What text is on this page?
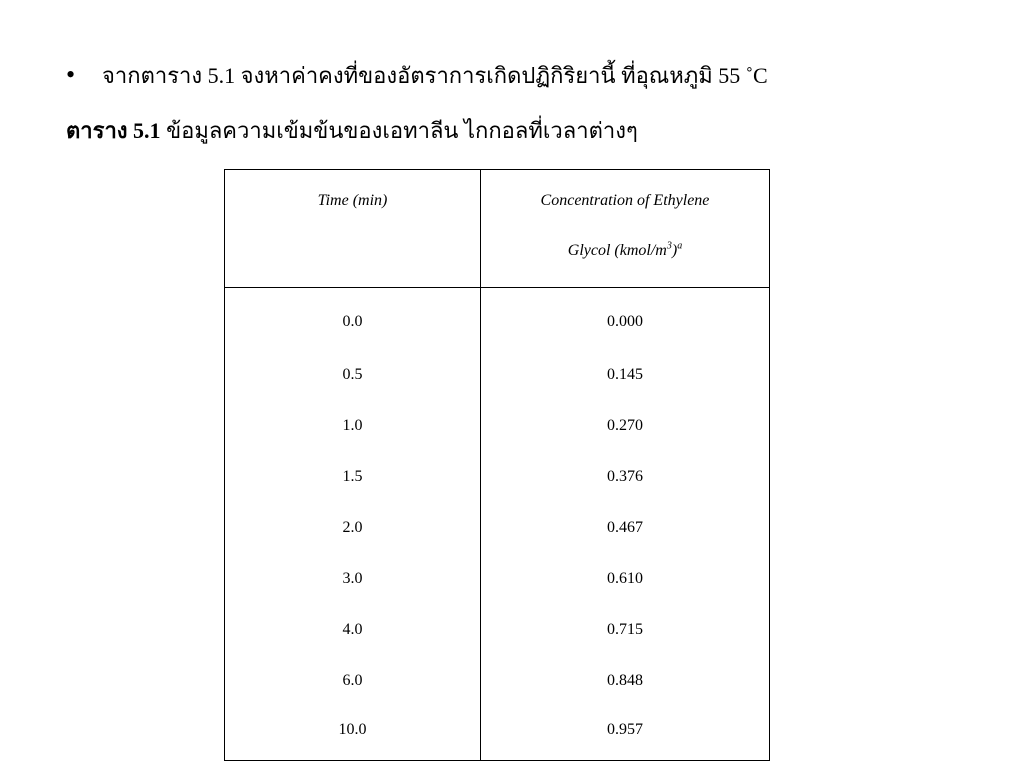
• จากตาราง 5.1 จงหาค่าคงที่ของอัตราการเกิดปฏิกิริยานี้ ที่อุณหภูมิ 55 ˚C
ตาราง 5.1 ข้อมูลความเข้มข้นของเอทาลีน ไกกอลที่เวลาต่างๆ
Time (min)	Concentration of Ethylene
Glycol $(kmol/m^3)^a$

0.0	0.000
0.5	0.145
1.0	0.270
1.5	0.376
2.0	0.467
3.0	0.610
4.0	0.715
6.0	0.848
10.0	0.957
